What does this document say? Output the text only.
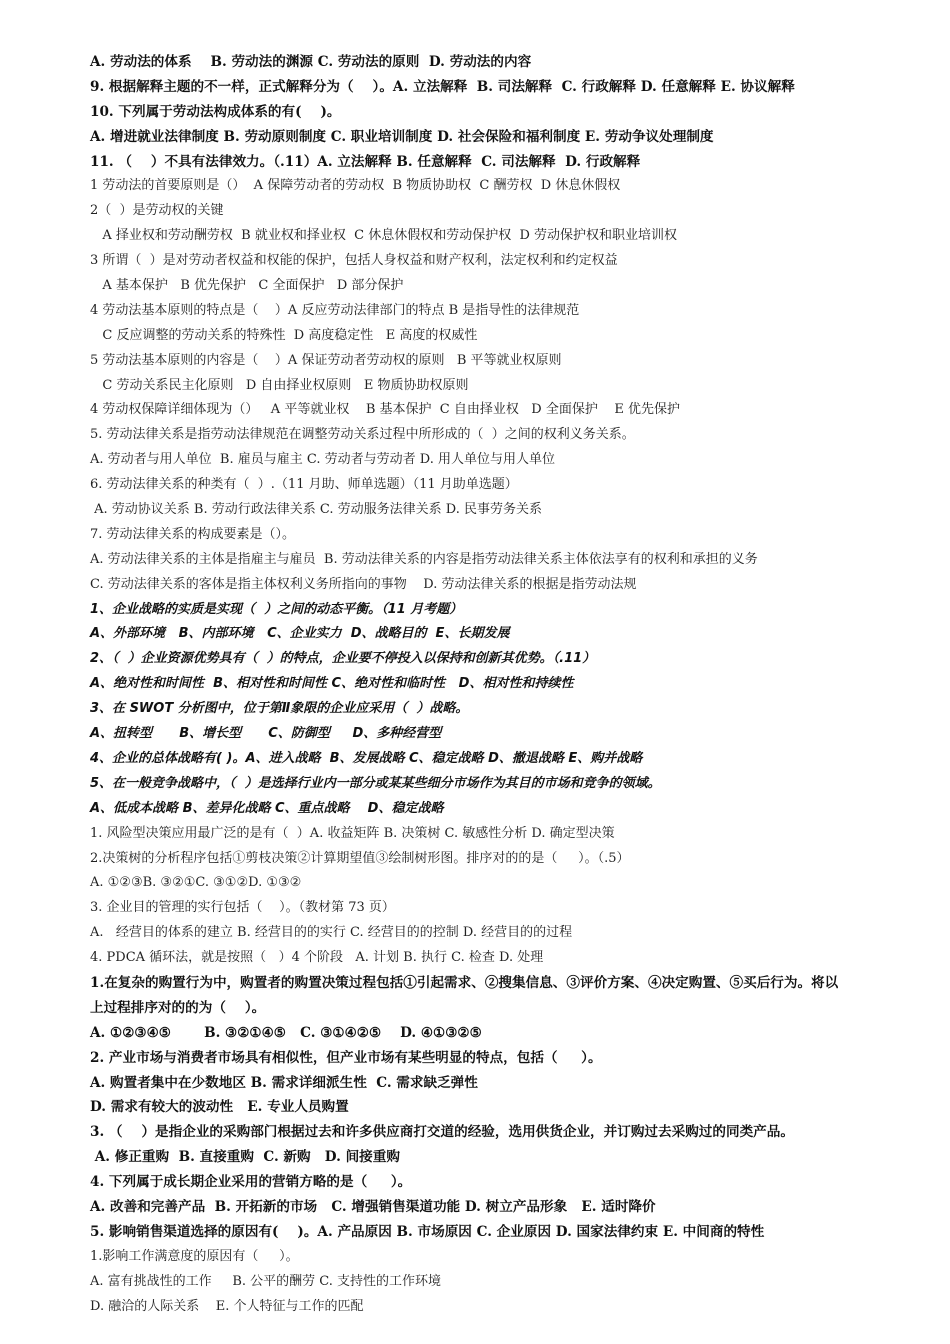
A. 劳动法的体系    B. 劳动法的渊源 C. 劳动法的原则  D. 劳动法的内容
9. 根据解释主题的不一样，正式解释分为（    ）。A. 立法解释  B. 司法解释  C. 行政解释 D. 任意解释 E. 协议解释
10. 下列属于劳动法构成体系的有(    )。
A. 增进就业法律制度 B. 劳动原则制度 C. 职业培训制度 D. 社会保险和福利制度 E. 劳动争议处理制度
11. （    ）不具有法律效力。（.11）A. 立法解释 B. 任意解释  C. 司法解释  D. 行政解释
1 劳动法的首要原则是（）  A 保障劳动者的劳动权  B 物质协助权  C 酬劳权  D 休息休假权
2（  ）是劳动权的关键
A 择业权和劳动酬劳权  B 就业权和择业权  C 休息休假权和劳动保护权  D 劳动保护权和职业培训权
3 所谓（  ）是对劳动者权益和权能的保护，包括人身权益和财产权利，法定权利和约定权益
A 基本保护   B 优先保护   C 全面保护   D 部分保护
4 劳动法基本原则的特点是（    ）A 反应劳动法律部门的特点 B 是指导性的法律规范
C 反应调整的劳动关系的特殊性  D 高度稳定性   E 高度的权威性
5 劳动法基本原则的内容是（    ）A 保证劳动者劳动权的原则   B 平等就业权原则
C 劳动关系民主化原则   D 自由择业权原则   E 物质协助权原则
4 劳动权保障详细体现为（）   A 平等就业权    B 基本保护  C 自由择业权   D 全面保护    E 优先保护
5. 劳动法律关系是指劳动法律规范在调整劳动关系过程中所形成的（  ）之间的权利义务关系。
A. 劳动者与用人单位  B. 雇员与雇主 C. 劳动者与劳动者 D. 用人单位与用人单位
6. 劳动法律关系的种类有（  ）.（11 月助、师单选题）（11 月助单选题）
A. 劳动协议关系 B. 劳动行政法律关系 C. 劳动服务法律关系 D. 民事劳务关系
7. 劳动法律关系的构成要素是（）。
A. 劳动法律关系的主体是指雇主与雇员  B. 劳动法律关系的内容是指劳动法律关系主体依法享有的权利和承担的义务
C. 劳动法律关系的客体是指主体权利义务所指向的事物    D. 劳动法律关系的根据是指劳动法规
1、企业战略的实质是实现（  ）之间的动态平衡。（11 月考题）
A、外部环境   B、内部环境   C、企业实力  D、战略目的  E、长期发展
2、（  ）企业资源优势具有（  ）的特点，企业要不停投入以保持和创新其优势。（.11）
A、绝对性和时间性  B、相对性和时间性 C、绝对性和临时性   D、相对性和持续性
3、在 SWOT 分析图中，位于第Ⅱ象限的企业应采用（  ）战略。
A、扭转型      B、增长型      C、防御型     D、多种经营型
4、企业的总体战略有( )。A、进入战略  B、发展战略 C、稳定战略 D、撤退战略 E、购并战略
5、在一般竞争战略中，（  ）是选择行业内一部分或某某些细分市场作为其目的市场和竞争的领域。
A、低成本战略 B、差异化战略 C、重点战略    D、稳定战略
1. 风险型决策应用最广泛的是有（  ）A. 收益矩阵 B. 决策树 C. 敏感性分析 D. 确定型决策
2.决策树的分析程序包括①剪枝决策②计算期望值③绘制树形图。排序对的的是（     ）。（.5）
A. ①②③B. ③②①C. ③①②D. ①③②
3. 企业目的管理的实行包括（    ）。（教材第 73 页）
A.   经营目的体系的建立 B. 经营目的的实行 C. 经营目的的控制 D. 经营目的的过程
4. PDCA 循环法，就是按照（   ）4 个阶段   A. 计划 B. 执行 C. 检查 D. 处理
1.在复杂的购置行为中，购置者的购置决策过程包括①引起需求、②搜集信息、③评价方案、④决定购置、⑤买后行为。将以
上过程排序对的的为（    ）。
A. ①②③④⑤       B. ③②①④⑤   C. ③①④②⑤    D. ④①③②⑤
2. 产业市场与消费者市场具有相似性，但产业市场有某些明显的特点，包括（     ）。
A. 购置者集中在少数地区 B. 需求详细派生性  C. 需求缺乏弹性
D. 需求有较大的波动性   E. 专业人员购置
3. （    ）是指企业的采购部门根据过去和许多供应商打交道的经验，选用供货企业，并订购过去采购过的同类产品。
A. 修正重购  B. 直接重购  C. 新购   D. 间接重购
4. 下列属于成长期企业采用的营销方略的是（     ）。
A. 改善和完善产品  B. 开拓新的市场   C. 增强销售渠道功能 D. 树立产品形象   E. 适时降价
5. 影响销售渠道选择的原因有(    )。A. 产品原因 B. 市场原因 C. 企业原因 D. 国家法律约束 E. 中间商的特性
1.影响工作满意度的原因有（     ）。
A. 富有挑战性的工作     B. 公平的酬劳 C. 支持性的工作环境
D. 融洽的人际关系    E. 个人特征与工作的匹配
